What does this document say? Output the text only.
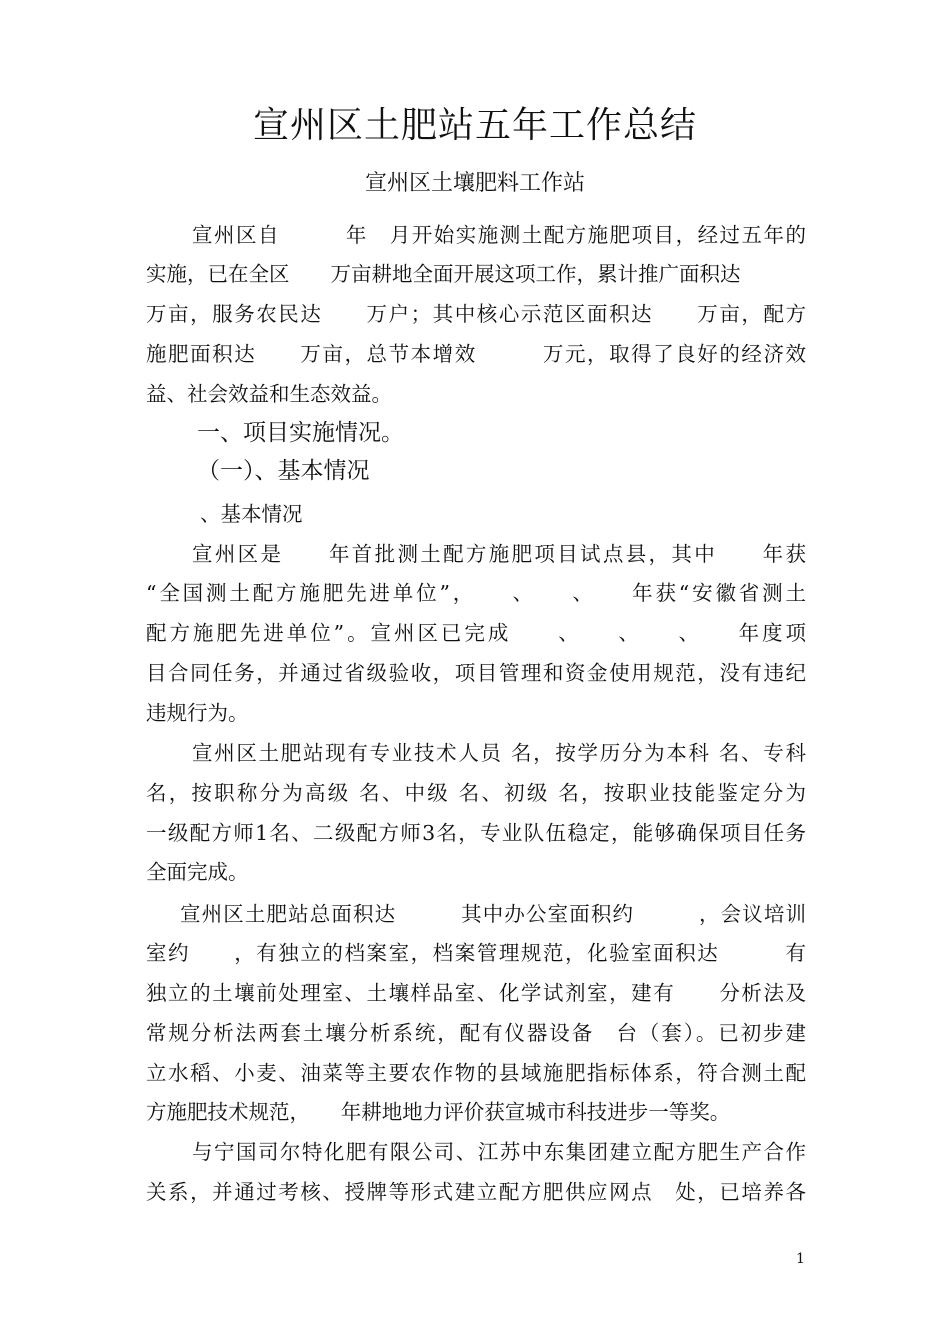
宣州区土肥站五年工作总结
宣州区土壤肥料工作站
宣州区自　　　年　月开始实施测土配方施肥项目，经过五年的
实施，已在全区　　万亩耕地全面开展这项工作，累计推广面积达
万亩，服务农民达　　万户；其中核心示范区面积达　　万亩，配方
施肥面积达　　万亩，总节本增效　　　万元，取得了良好的经济效
益、社会效益和生态效益。
一、项目实施情况。
（一）、基本情况
、基本情况
宣州区是　　年首批测土配方施肥项目试点县，其中　　年获
“全国测土配方施肥先进单位”，　　、　　、　　年获“安徽省测土
配方施肥先进单位”。宣州区已完成　　、　　、　　、　　年度项
目合同任务，并通过省级验收，项目管理和资金使用规范，没有违纪
违规行为。
宣州区土肥站现有专业技术人员 名，按学历分为本科 名、专科
名，按职称分为高级 名、中级 名、初级 名，按职业技能鉴定分为
一级配方师1名、二级配方师3名，专业队伍稳定，能够确保项目任务
全面完成。
宣州区土肥站总面积达　　　其中办公室面积约　　　，会议培训
室约　　，有独立的档案室，档案管理规范，化验室面积达　　　有
独立的土壤前处理室、土壤样品室、化学试剂室，建有　　分析法及
常规分析法两套土壤分析系统，配有仪器设备　台（套）。已初步建
立水稻、小麦、油菜等主要农作物的县域施肥指标体系，符合测土配
方施肥技术规范，　　年耕地地力评价获宣城市科技进步一等奖。
与宁国司尔特化肥有限公司、江苏中东集团建立配方肥生产合作
关系，并通过考核、授牌等形式建立配方肥供应网点　处，已培养各
1
